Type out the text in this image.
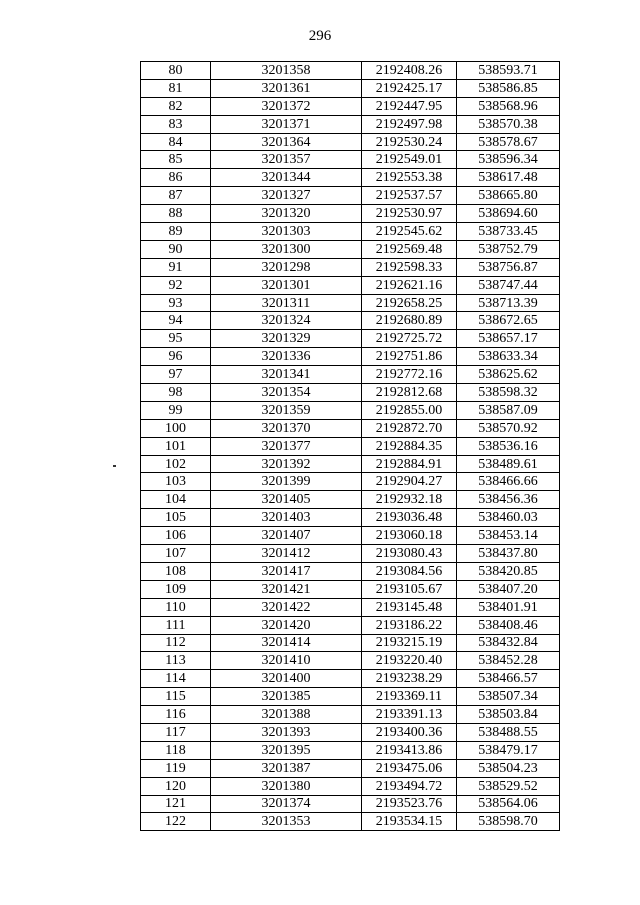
296
80	3201358	2192408.26	538593.71
81	3201361	2192425.17	538586.85
82	3201372	2192447.95	538568.96
83	3201371	2192497.98	538570.38
84	3201364	2192530.24	538578.67
85	3201357	2192549.01	538596.34
86	3201344	2192553.38	538617.48
87	3201327	2192537.57	538665.80
88	3201320	2192530.97	538694.60
89	3201303	2192545.62	538733.45
90	3201300	2192569.48	538752.79
91	3201298	2192598.33	538756.87
92	3201301	2192621.16	538747.44
93	3201311	2192658.25	538713.39
94	3201324	2192680.89	538672.65
95	3201329	2192725.72	538657.17
96	3201336	2192751.86	538633.34
97	3201341	2192772.16	538625.62
98	3201354	2192812.68	538598.32
99	3201359	2192855.00	538587.09
100	3201370	2192872.70	538570.92
101	3201377	2192884.35	538536.16
102	3201392	2192884.91	538489.61
103	3201399	2192904.27	538466.66
104	3201405	2192932.18	538456.36
105	3201403	2193036.48	538460.03
106	3201407	2193060.18	538453.14
107	3201412	2193080.43	538437.80
108	3201417	2193084.56	538420.85
109	3201421	2193105.67	538407.20
110	3201422	2193145.48	538401.91
111	3201420	2193186.22	538408.46
112	3201414	2193215.19	538432.84
113	3201410	2193220.40	538452.28
114	3201400	2193238.29	538466.57
115	3201385	2193369.11	538507.34
116	3201388	2193391.13	538503.84
117	3201393	2193400.36	538488.55
118	3201395	2193413.86	538479.17
119	3201387	2193475.06	538504.23
120	3201380	2193494.72	538529.52
121	3201374	2193523.76	538564.06
122	3201353	2193534.15	538598.70
